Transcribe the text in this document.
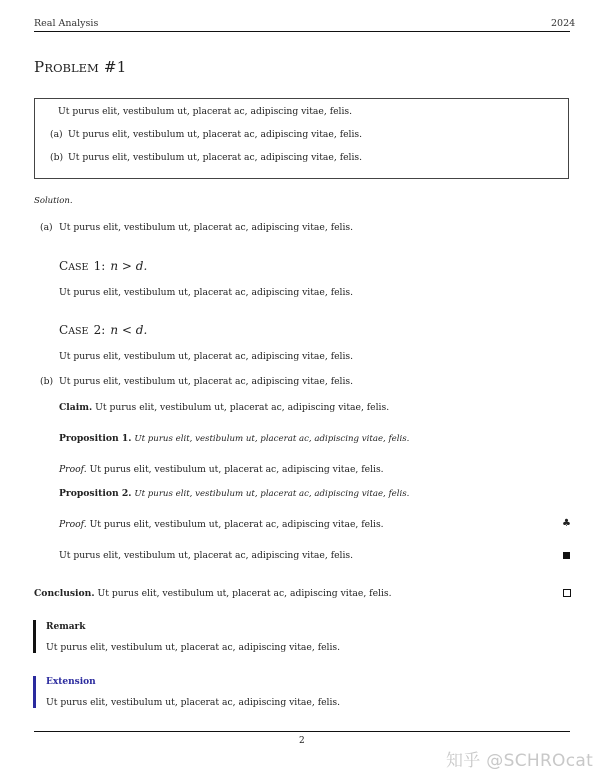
Real Analysis	2024
PROBLEM #1
Ut purus elit, vestibulum ut, placerat ac, adipiscing vitae, felis.
(a) Ut purus elit, vestibulum ut, placerat ac, adipiscing vitae, felis.
(b) Ut purus elit, vestibulum ut, placerat ac, adipiscing vitae, felis.
Solution.
(a) Ut purus elit, vestibulum ut, placerat ac, adipiscing vitae, felis.
CASE 1: n > d.
Ut purus elit, vestibulum ut, placerat ac, adipiscing vitae, felis.
CASE 2: n < d.
Ut purus elit, vestibulum ut, placerat ac, adipiscing vitae, felis.
(b) Ut purus elit, vestibulum ut, placerat ac, adipiscing vitae, felis.
Claim. Ut purus elit, vestibulum ut, placerat ac, adipiscing vitae, felis.
Proposition 1. Ut purus elit, vestibulum ut, placerat ac, adipiscing vitae, felis.
Proof. Ut purus elit, vestibulum ut, placerat ac, adipiscing vitae, felis.
Proposition 2. Ut purus elit, vestibulum ut, placerat ac, adipiscing vitae, felis.
Proof. Ut purus elit, vestibulum ut, placerat ac, adipiscing vitae, felis.	♣
Ut purus elit, vestibulum ut, placerat ac, adipiscing vitae, felis.
Conclusion. Ut purus elit, vestibulum ut, placerat ac, adipiscing vitae, felis.
Remark
Ut purus elit, vestibulum ut, placerat ac, adipiscing vitae, felis.
Extension
Ut purus elit, vestibulum ut, placerat ac, adipiscing vitae, felis.
2
知乎 @SCHROcat
